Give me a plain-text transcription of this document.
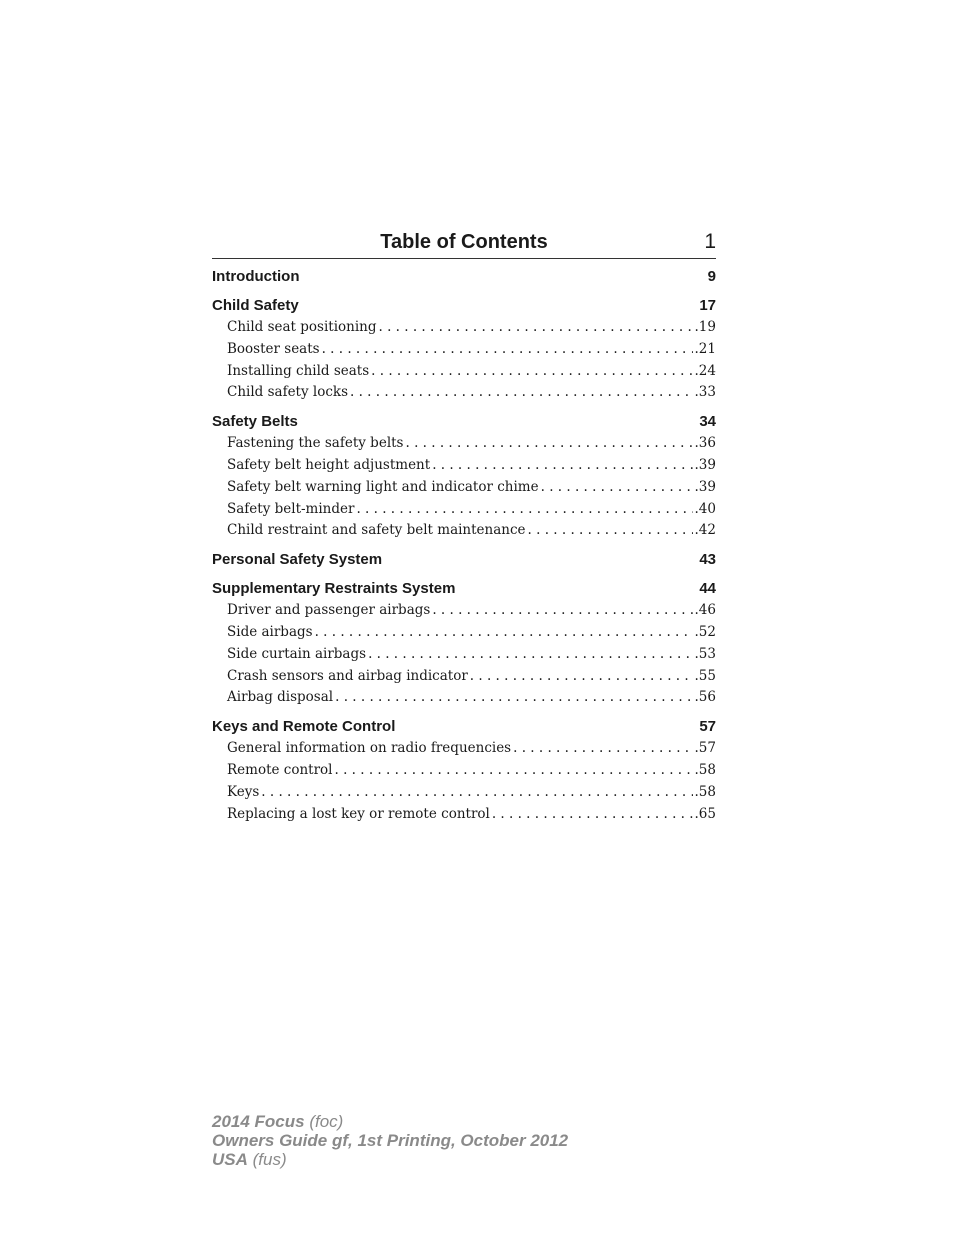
Table of Contents	1
Introduction	9
Child Safety	17
Child seat positioning . . .	.19
Booster seats . . .	.21
Installing child seats . . .	.24
Child safety locks . . .	.33
Safety Belts	34
Fastening the safety belts . . .	.36
Safety belt height adjustment . . .	.39
Safety belt warning light and indicator chime . . .	.39
Safety belt-minder . . .	.40
Child restraint and safety belt maintenance . . .	.42
Personal Safety System	43
Supplementary Restraints System	44
Driver and passenger airbags . . .	.46
Side airbags . . .	.52
Side curtain airbags . . .	.53
Crash sensors and airbag indicator . . .	.55
Airbag disposal . . .	.56
Keys and Remote Control	57
General information on radio frequencies . . .	.57
Remote control . . .	.58
Keys . . .	.58
Replacing a lost key or remote control . . .	.65
2014 Focus (foc)
Owners Guide gf, 1st Printing, October 2012
USA (fus)
